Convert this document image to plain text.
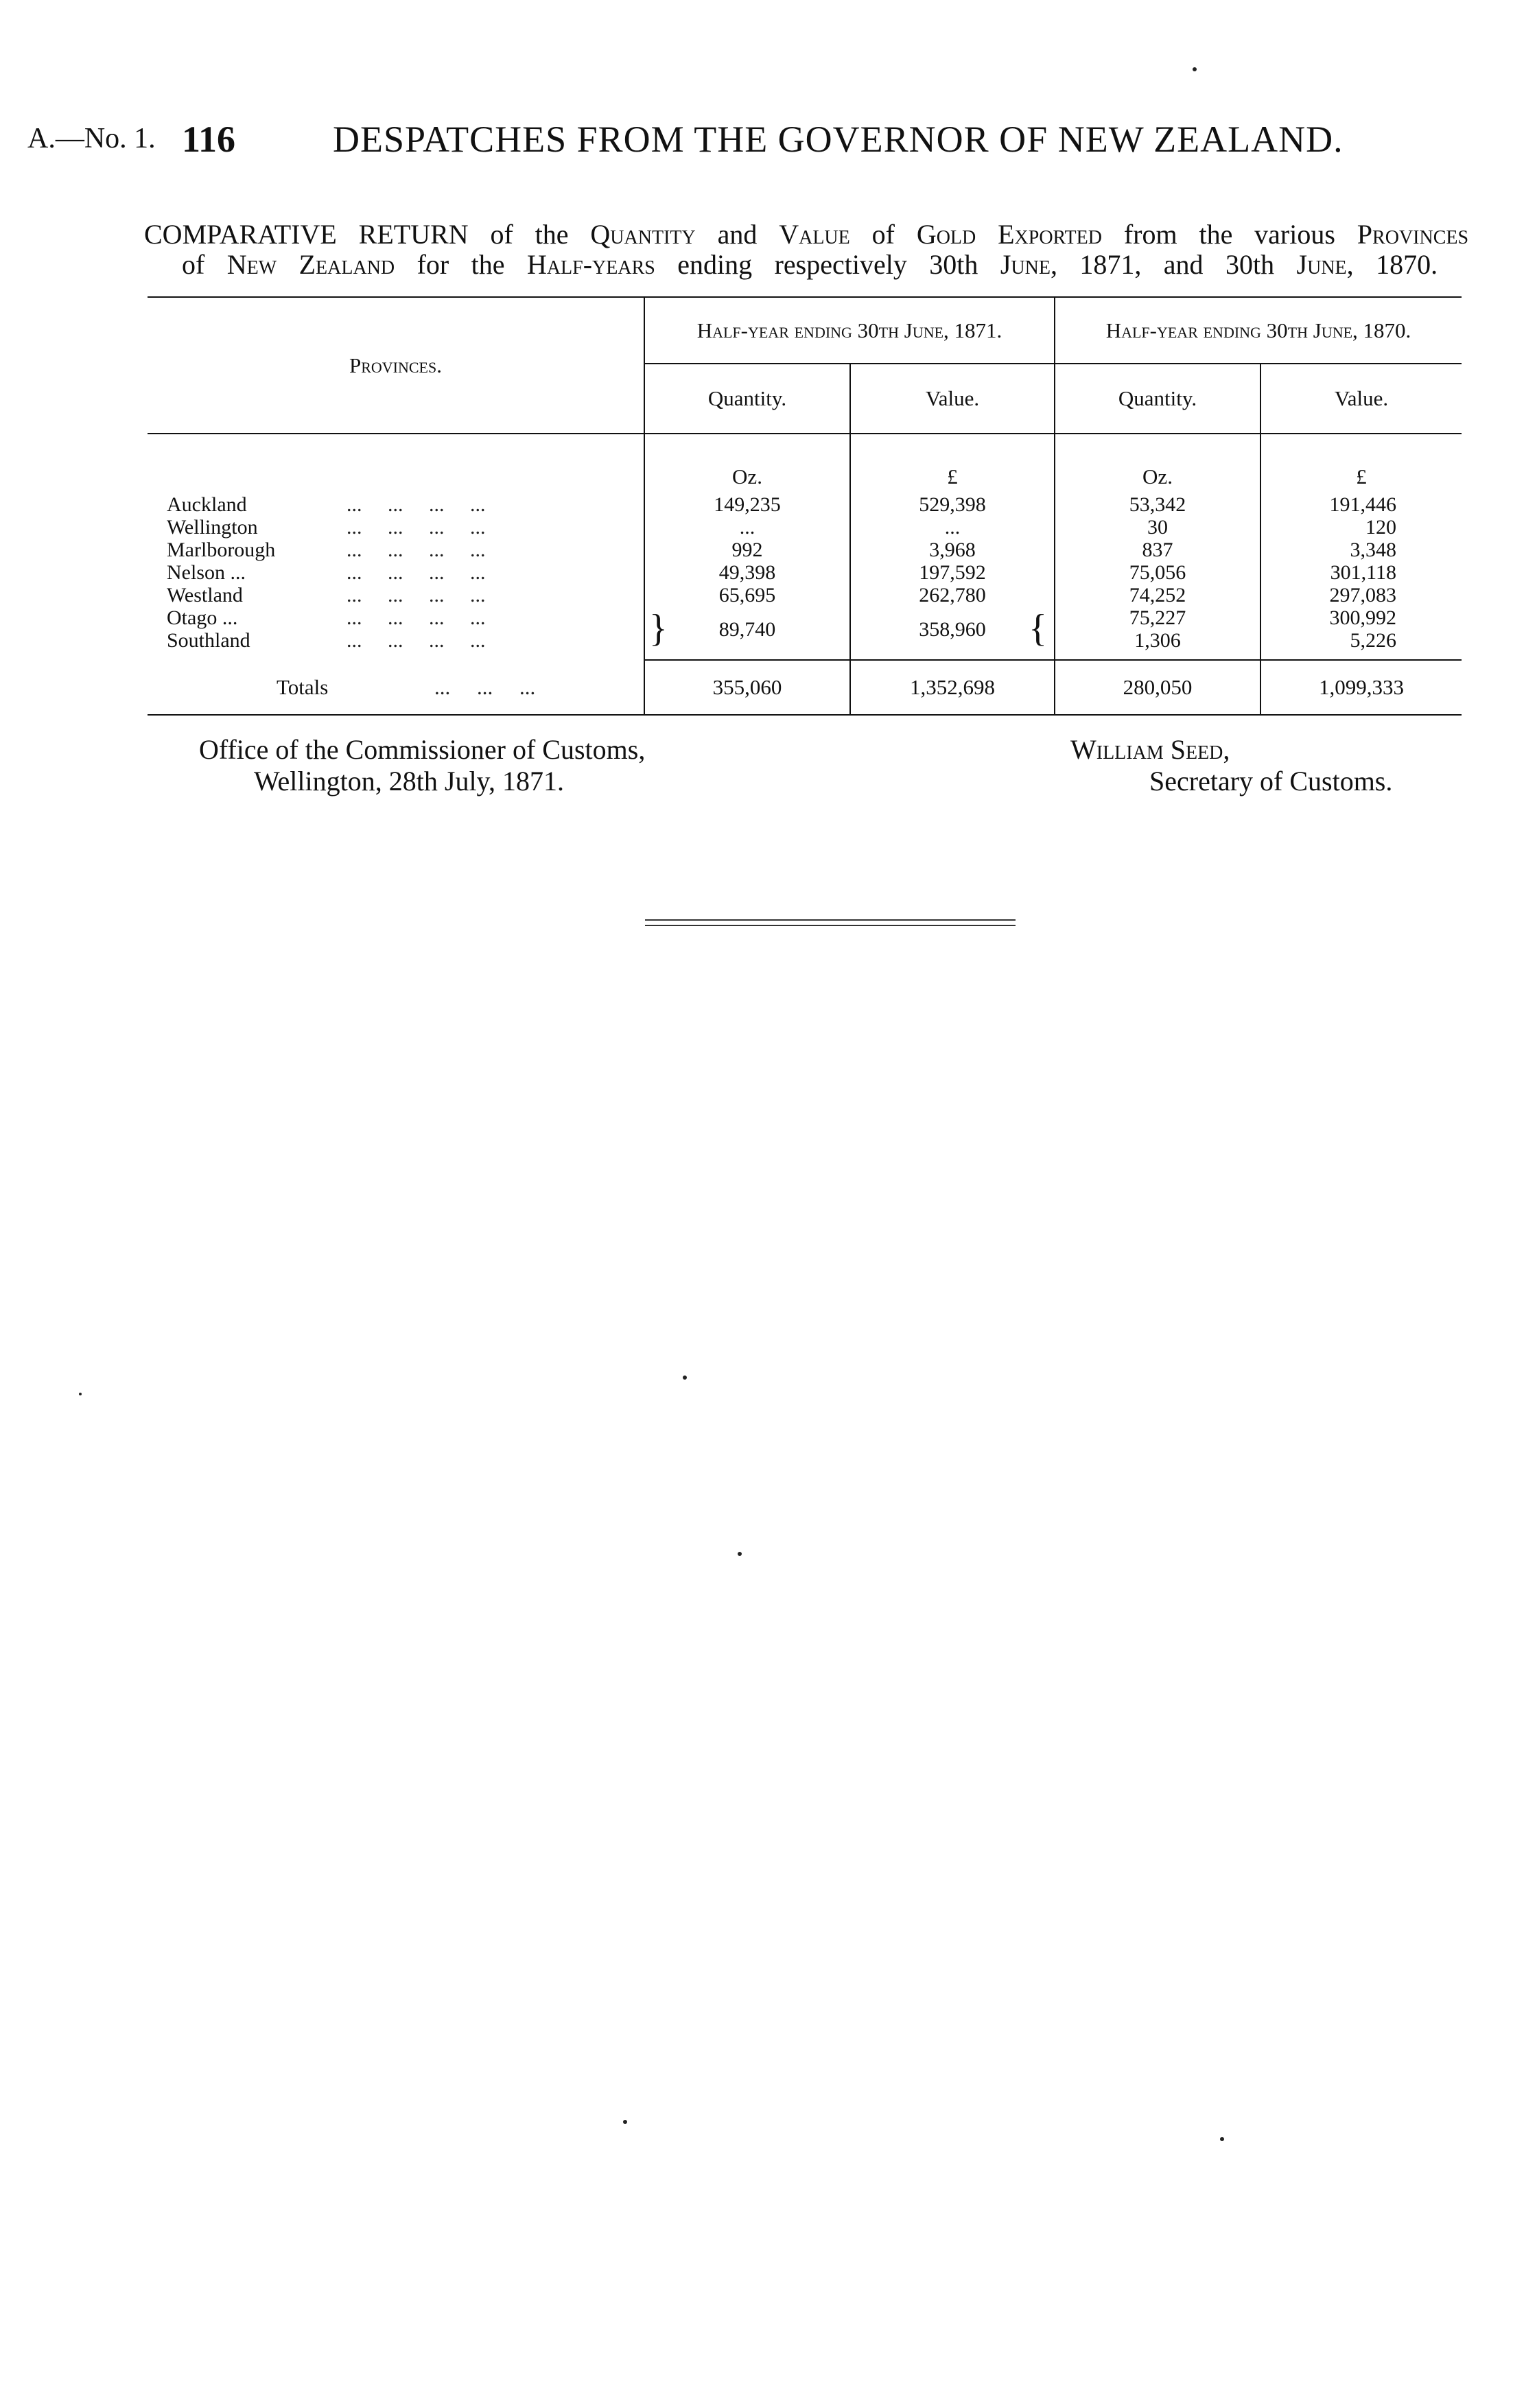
A.—No. 1. 116	DESPATCHES FROM THE GOVERNOR OF NEW ZEALAND.
COMPARATIVE RETURN of the Quantity and Value of Gold Exported from the various Provinces
of New Zealand for the Half-years ending respectively 30th June, 1871, and 30th June, 1870.
Provinces.	Half-year ending 30th June, 1871.		Half-year ending 30th June, 1870.	
	Quantity.	Value.	Quantity.	Value.
	Oz.	£	Oz.	£
Auckland ...     ...     ...     ...	149,235	529,398	53,342	191,446
Wellington ...     ...     ...     ...	...	...	30	120
Marlborough ...     ...     ...     ...	992	3,968	837	3,348
Nelson ... ...     ...     ...     ...	49,398	197,592	75,056	301,118
Westland ...     ...     ...     ...	65,695	262,780	74,252	297,083
Otago ... ...     ...     ...     ...	} 89,740	358,960 {	75,227	300,992
Southland ...     ...     ...     ...			1,306	5,226

Totals ...     ...     ...	355,060	1,352,698	280,050	1,099,333
Office of the Commissioner of Customs,
Wellington, 28th July, 1871.
William Seed,
Secretary of Customs.
